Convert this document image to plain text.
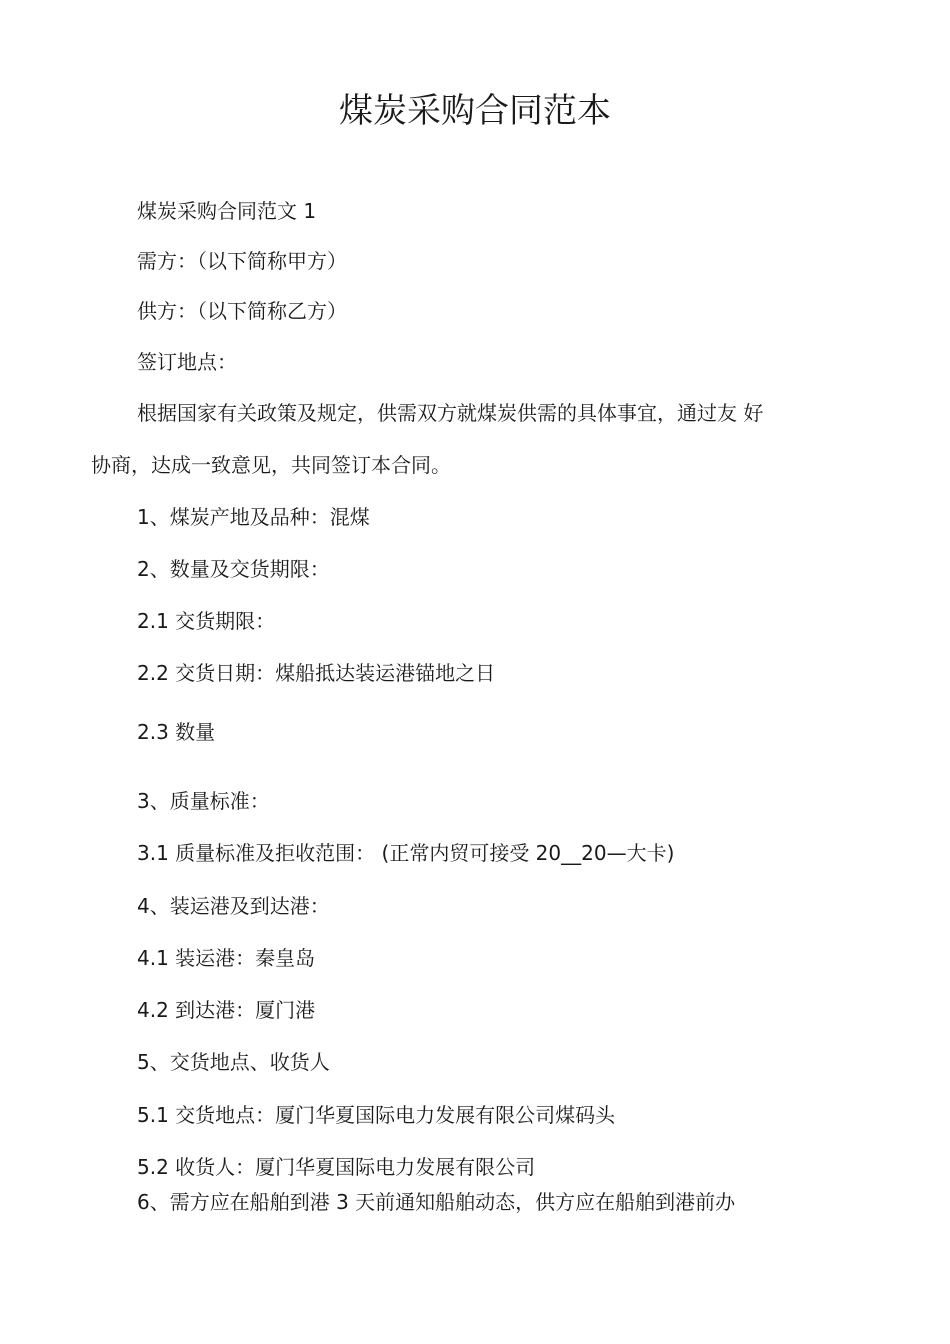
煤炭采购合同范本
煤炭采购合同范文 1
需方：（以下简称甲方）
供方：（以下简称乙方）
签订地点：
根据国家有关政策及规定，供需双方就煤炭供需的具体事宜，通过友 好
协商，达成一致意见，共同签订本合同。
1、煤炭产地及品种：混煤
2、数量及交货期限：
2.1 交货期限：
2.2 交货日期：煤船抵达装运港锚地之日
2.3 数量
3、质量标准：
3.1 质量标准及拒收范围： (正常内贸可接受 20__20—大卡)
4、装运港及到达港：
4.1 装运港：秦皇岛
4.2 到达港：厦门港
5、交货地点、收货人
5.1 交货地点：厦门华夏国际电力发展有限公司煤码头
5.2 收货人：厦门华夏国际电力发展有限公司
6、需方应在船舶到港 3 天前通知船舶动态，供方应在船舶到港前办
